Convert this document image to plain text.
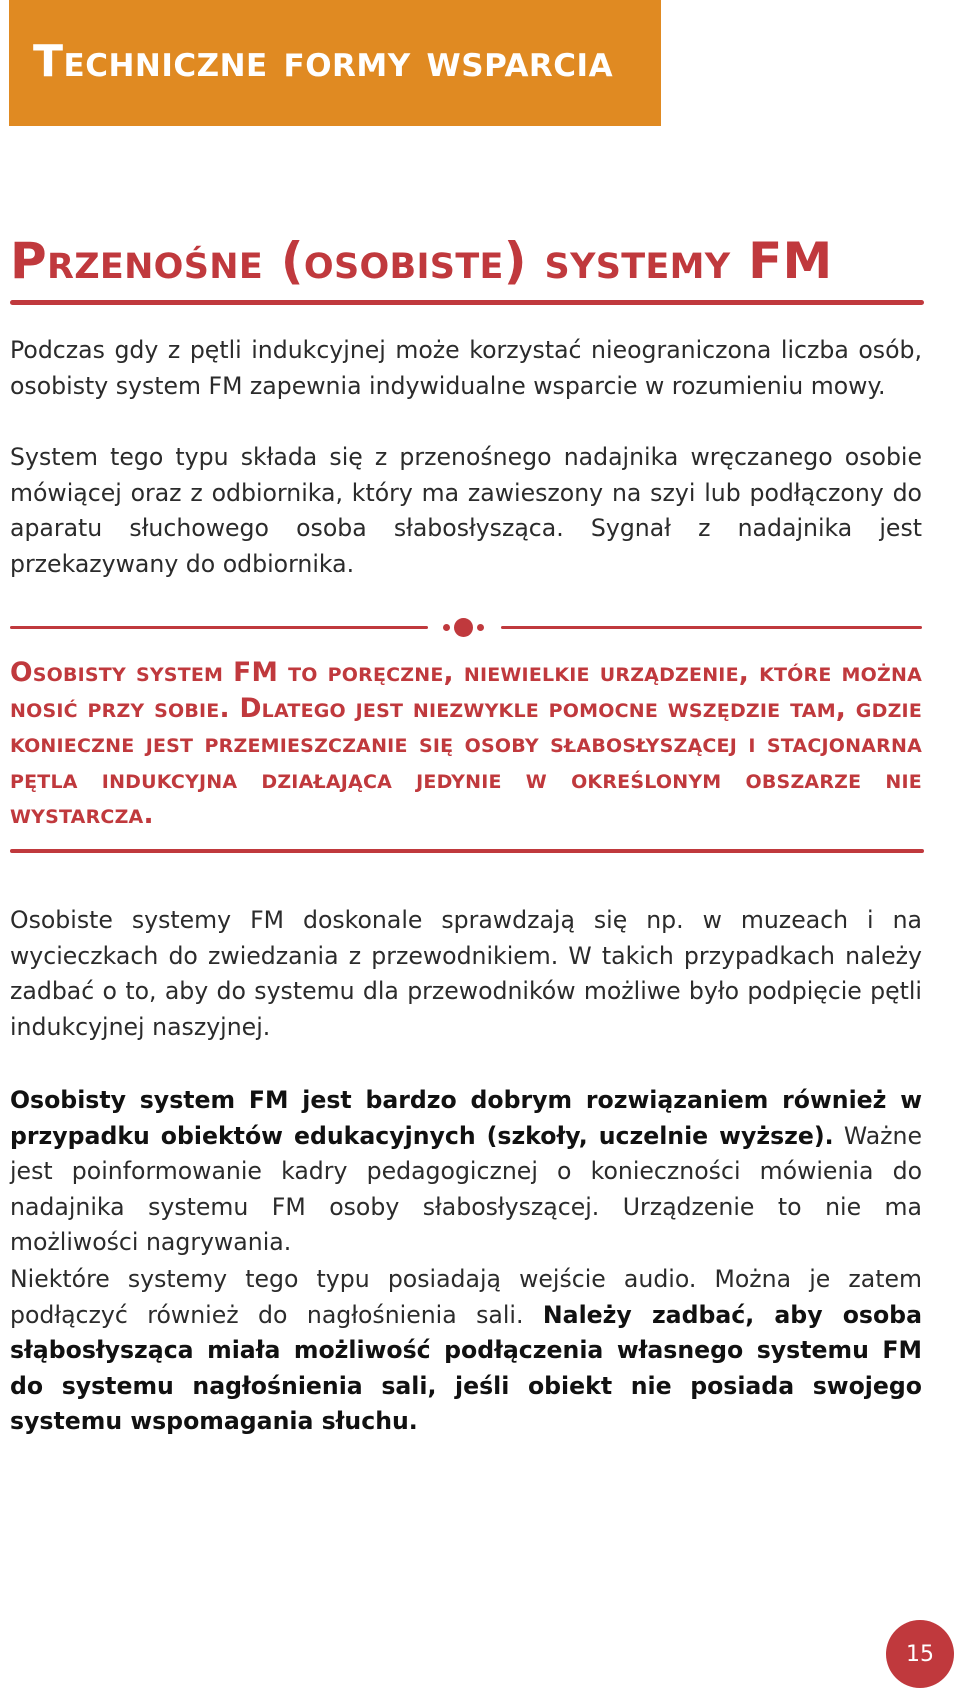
Techniczne formy wsparcia
Przenośne (osobiste) systemy FM

Podczas gdy z pętli indukcyjnej może korzystać nieograniczona liczba osób, osobisty system FM zapewnia indywidualne wsparcie w rozumieniu mowy.

System tego typu składa się z przenośnego nadajnika wręczanego osobie mówiącej oraz z odbiornika, który ma zawieszony na szyi lub podłączony do aparatu słuchowego osoba słabosłysząca. Sygnał z nadajnika jest przekazywany do odbiornika.

Osobisty system FM to poręczne, niewielkie urządzenie, które można nosić przy sobie. Dlatego jest niezwykle pomocne wszędzie tam, gdzie konieczne jest przemieszczanie się osoby słabosłyszącej i stacjonarna pętla indukcyjna działająca jedynie w określonym obszarze nie wystarcza.

Osobiste systemy FM doskonale sprawdzają się np. w muzeach i na wycieczkach do zwiedzania z przewodnikiem. W takich przypadkach należy zadbać o to, aby do systemu dla przewodników możliwe było podpięcie pętli indukcyjnej naszyjnej.

Osobisty system FM jest bardzo dobrym rozwiązaniem również w przypadku obiektów edukacyjnych (szkoły, uczelnie wyższe). Ważne jest poinformowanie kadry pedagogicznej o konieczności mówienia do nadajnika systemu FM osoby słabosłyszącej. Urządzenie to nie ma możliwości nagrywania.

Niektóre systemy tego typu posiadają wejście audio. Można je zatem podłączyć również do nagłośnienia sali. Należy zadbać, aby osoba słąbosłysząca miała możliwość podłączenia własnego systemu FM do systemu nagłośnienia sali, jeśli obiekt nie posiada swojego systemu wspomagania słuchu.

15
